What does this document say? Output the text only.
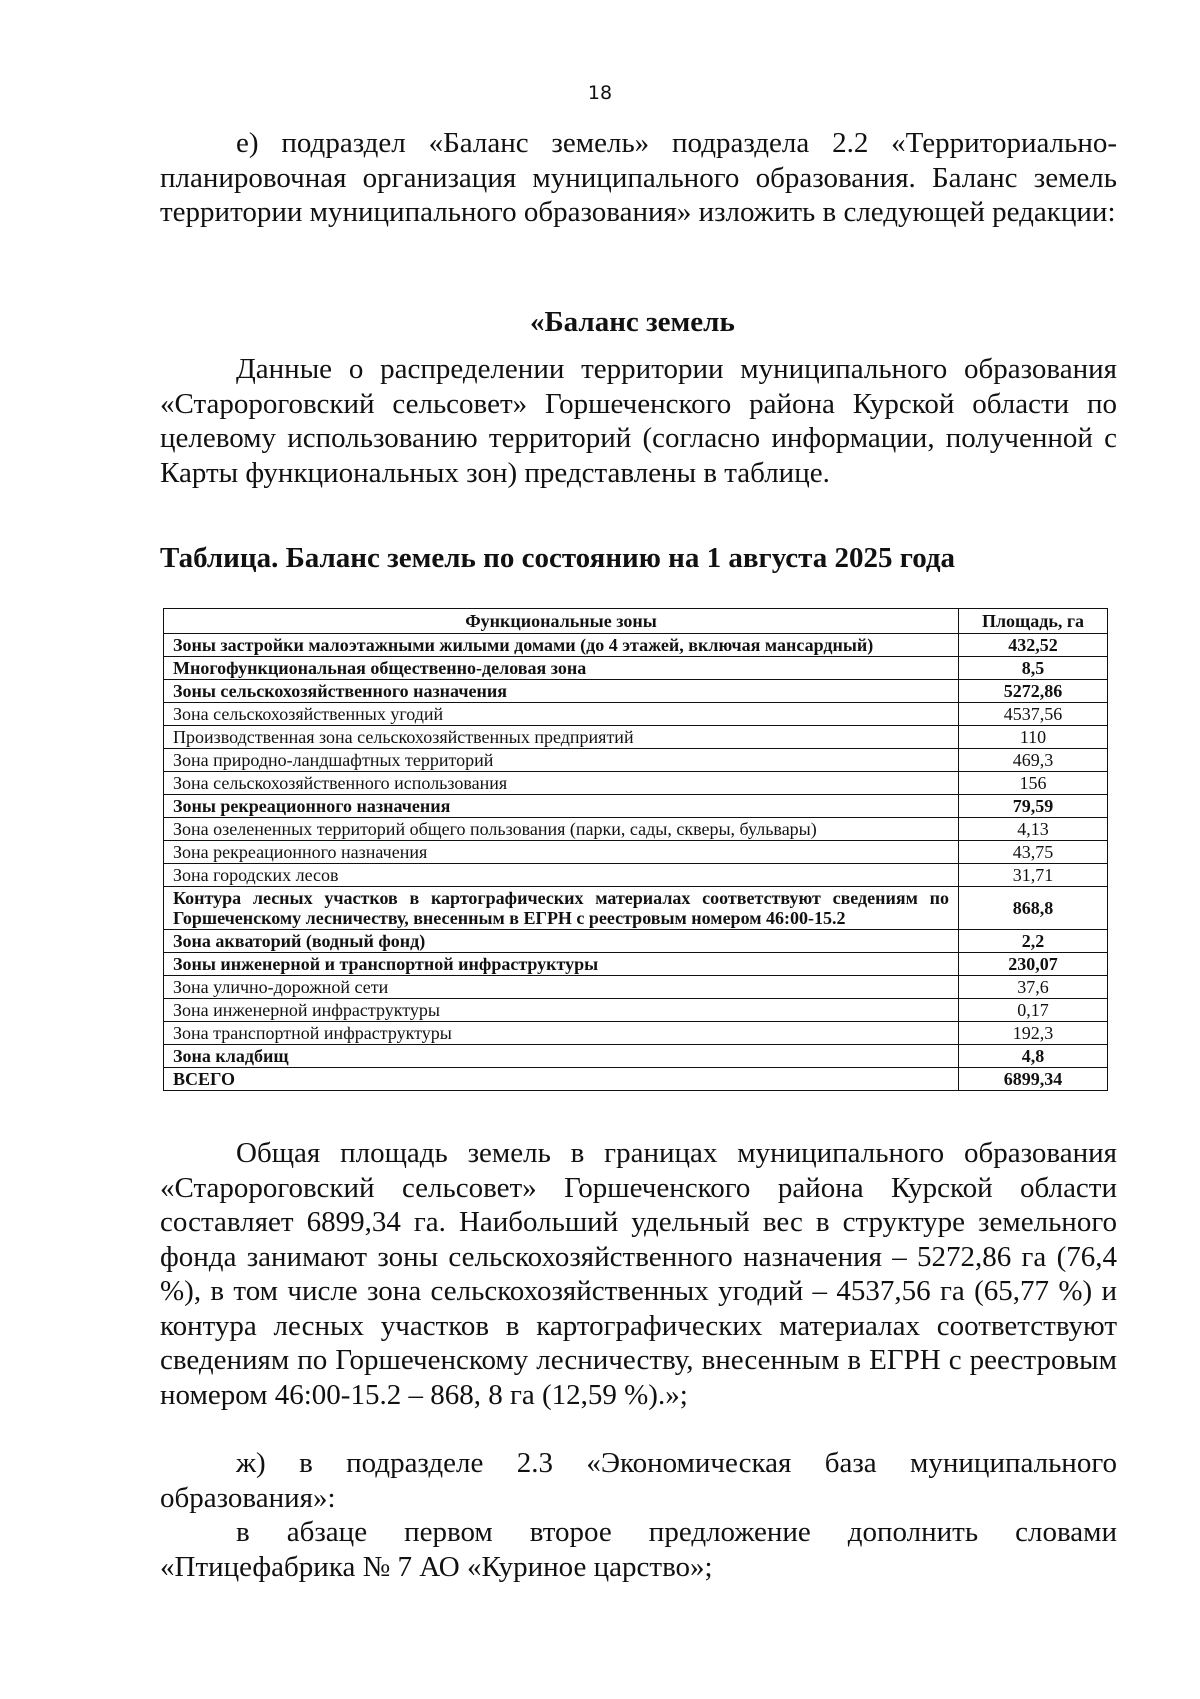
18

е) подраздел «Баланс земель» подраздела 2.2 «Территориально-планировочная организация муниципального образования. Баланс земель территории муниципального образования» изложить в следующей редакции:

«Баланс земель

Данные о распределении территории муниципального образования «Старороговский сельсовет» Горшеченского района Курской области по целевому использованию территорий (согласно информации, полученной с Карты функциональных зон) представлены в таблице.

Таблица. Баланс земель по состоянию на 1 августа 2025 года

Функциональные зоны	Площадь, га
Зоны застройки малоэтажными жилыми домами (до 4 этажей, включая мансардный)	432,52
Многофункциональная общественно-деловая зона	8,5
Зоны сельскохозяйственного назначения	5272,86
Зона сельскохозяйственных угодий	4537,56
Производственная зона сельскохозяйственных предприятий	110
Зона природно-ландшафтных территорий	469,3
Зона сельскохозяйственного использования	156
Зоны рекреационного назначения	79,59
Зона озелененных территорий общего пользования (парки, сады, скверы, бульвары)	4,13
Зона рекреационного назначения	43,75
Зона городских лесов	31,71
Контура лесных участков в картографических материалах соответствуют сведениям по Горшеченскому лесничеству, внесенным в ЕГРН с реестровым номером 46:00-15.2	868,8
Зона акваторий (водный фонд)	2,2
Зоны инженерной и транспортной инфраструктуры	230,07
Зона улично-дорожной сети	37,6
Зона инженерной инфраструктуры	0,17
Зона транспортной инфраструктуры	192,3
Зона кладбищ	4,8
ВСЕГО	6899,34

Общая площадь земель в границах муниципального образования «Старороговский сельсовет» Горшеченского района Курской области составляет 6899,34 га. Наибольший удельный вес в структуре земельного фонда занимают зоны сельскохозяйственного назначения – 5272,86 га (76,4 %), в том числе зона сельскохозяйственных угодий – 4537,56 га (65,77 %) и контура лесных участков в картографических материалах соответствуют сведениям по Горшеченскому лесничеству, внесенным в ЕГРН с реестровым номером 46:00-15.2 – 868, 8 га (12,59 %).»;

ж) в подразделе 2.3 «Экономическая база муниципального образования»:

в абзаце первом второе предложение дополнить словами «Птицефабрика № 7 АО «Куриное царство»;
